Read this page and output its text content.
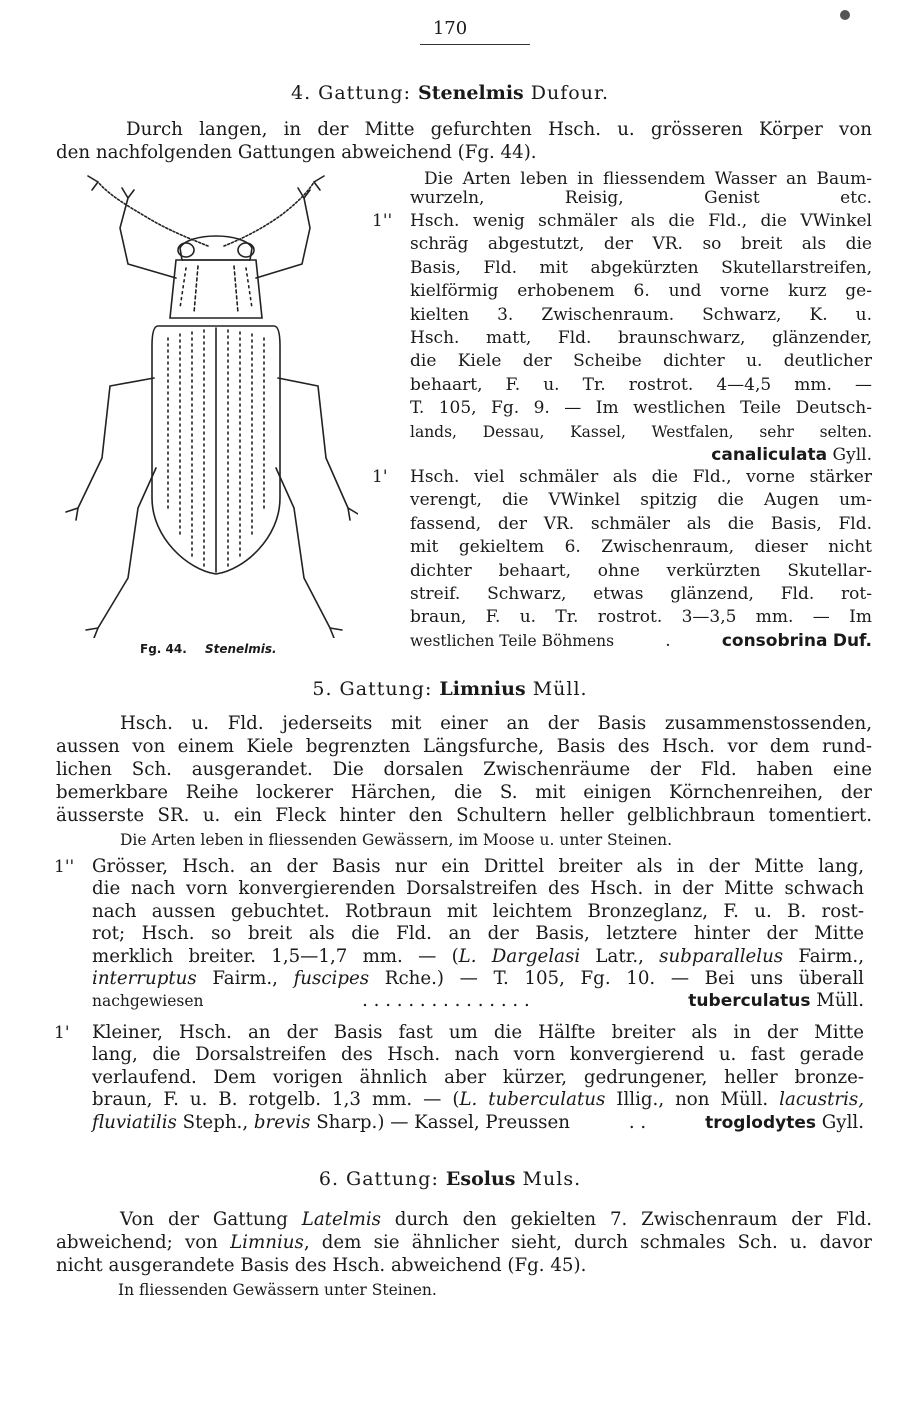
170
4. Gattung: Stenelmis Dufour.
Durch langen, in der Mitte gefurchten Hsch. u. grösseren Körper von
den nachfolgenden Gattungen abweichend (Fg. 44).
Fg. 44. Stenelmis.
Die Arten leben in fliessendem Wasser an Baum-
wurzeln, Reisig, Genist etc.
1'' Hsch. wenig schmäler als die Fld., die VWinkel
schräg abgestutzt, der VR. so breit als die
Basis, Fld. mit abgekürzten Skutellarstreifen,
kielförmig erhobenem 6. und vorne kurz ge-
kielten 3. Zwischenraum. Schwarz, K. u.
Hsch. matt, Fld. braunschwarz, glänzender,
die Kiele der Scheibe dichter u. deutlicher
behaart, F. u. Tr. rostrot. 4—4,5 mm. —
T. 105, Fg. 9. — Im westlichen Teile Deutsch-
lands, Dessau, Kassel, Westfalen, sehr selten.
canaliculata Gyll.
1' Hsch. viel schmäler als die Fld., vorne stärker
verengt, die VWinkel spitzig die Augen um-
fassend, der VR. schmäler als die Basis, Fld.
mit gekieltem 6. Zwischenraum, dieser nicht
dichter behaart, ohne verkürzten Skutellar-
streif. Schwarz, etwas glänzend, Fld. rot-
braun, F. u. Tr. rostrot. 3—3,5 mm. — Im
westlichen Teile Böhmens	.	consobrina Duf.
5. Gattung: Limnius Müll.
Hsch. u. Fld. jederseits mit einer an der Basis zusammenstossenden,
aussen von einem Kiele begrenzten Längsfurche, Basis des Hsch. vor dem rund-
lichen Sch. ausgerandet. Die dorsalen Zwischenräume der Fld. haben eine
bemerkbare Reihe lockerer Härchen, die S. mit einigen Körnchenreihen, der
äusserste SR. u. ein Fleck hinter den Schultern heller gelblichbraun tomentiert.
Die Arten leben in fliessenden Gewässern, im Moose u. unter Steinen.
1'' Grösser, Hsch. an der Basis nur ein Drittel breiter als in der Mitte lang,
die nach vorn konvergierenden Dorsalstreifen des Hsch. in der Mitte schwach
nach aussen gebuchtet. Rotbraun mit leichtem Bronzeglanz, F. u. B. rost-
rot; Hsch. so breit als die Fld. an der Basis, letztere hinter der Mitte
merklich breiter. 1,5—1,7 mm. — (L. Dargelasi Latr., subparallelus Fairm.,
interruptus Fairm., fuscipes Rche.) — T. 105, Fg. 10. — Bei uns überall
nachgewiesen	. . . . . . . . . . . . . . .	tuberculatus Müll.
1' Kleiner, Hsch. an der Basis fast um die Hälfte breiter als in der Mitte
lang, die Dorsalstreifen des Hsch. nach vorn konvergierend u. fast gerade
verlaufend. Dem vorigen ähnlich aber kürzer, gedrungener, heller bronze-
braun, F. u. B. rotgelb. 1,3 mm. — (L. tuberculatus Illig., non Müll. lacustris,
fluviatilis Steph., brevis Sharp.) — Kassel, Preussen	. .	troglodytes Gyll.
6. Gattung: Esolus Muls.
Von der Gattung Latelmis durch den gekielten 7. Zwischenraum der Fld.
abweichend; von Limnius, dem sie ähnlicher sieht, durch schmales Sch. u. davor
nicht ausgerandete Basis des Hsch. abweichend (Fg. 45).
In fliessenden Gewässern unter Steinen.
